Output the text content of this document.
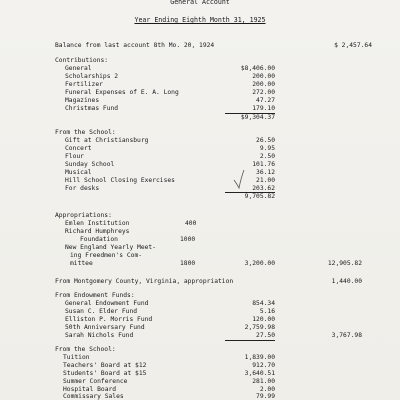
General Account
Year Ending Eighth Month 31, 1925
Balance from last account 8th Mo. 20, 1924	$ 2,457.64
Contributions:
General	$8,406.00
Scholarships 2	200.00
Fertilizer	200.00
Funeral Expenses of E. A. Long	272.00
Magazines	47.27
Christmas Fund	179.10
$9,304.37
From the School:
Gift at Christiansburg	26.50
Concert	9.95
Flour	2.50
Sunday School	101.76
Musical	36.12
Hill School Closing Exercises	21.00
For desks	203.62
9,705.82
Appropriations:
Emlen Institution	400
Richard Humphreys
Foundation	1000
New England Yearly Meet-
ing Freedmen's Com-
mittee	1800	3,200.00	12,905.82
From Montgomery County, Virginia, appropriation	1,440.00
From Endowment Funds:
General Endowment Fund	854.34
Susan C. Elder Fund	5.16
Elliston P. Morris Fund	120.00
50th Anniversary Fund	2,759.98
Sarah Nichols Fund	27.50	3,767.98
From the School:
Tuition	1,839.00
Teachers' Board at $12	912.70
Students' Board at $15	3,640.51
Summer Conference	281.00
Hospital Board	2.00
Commissary Sales	79.99
